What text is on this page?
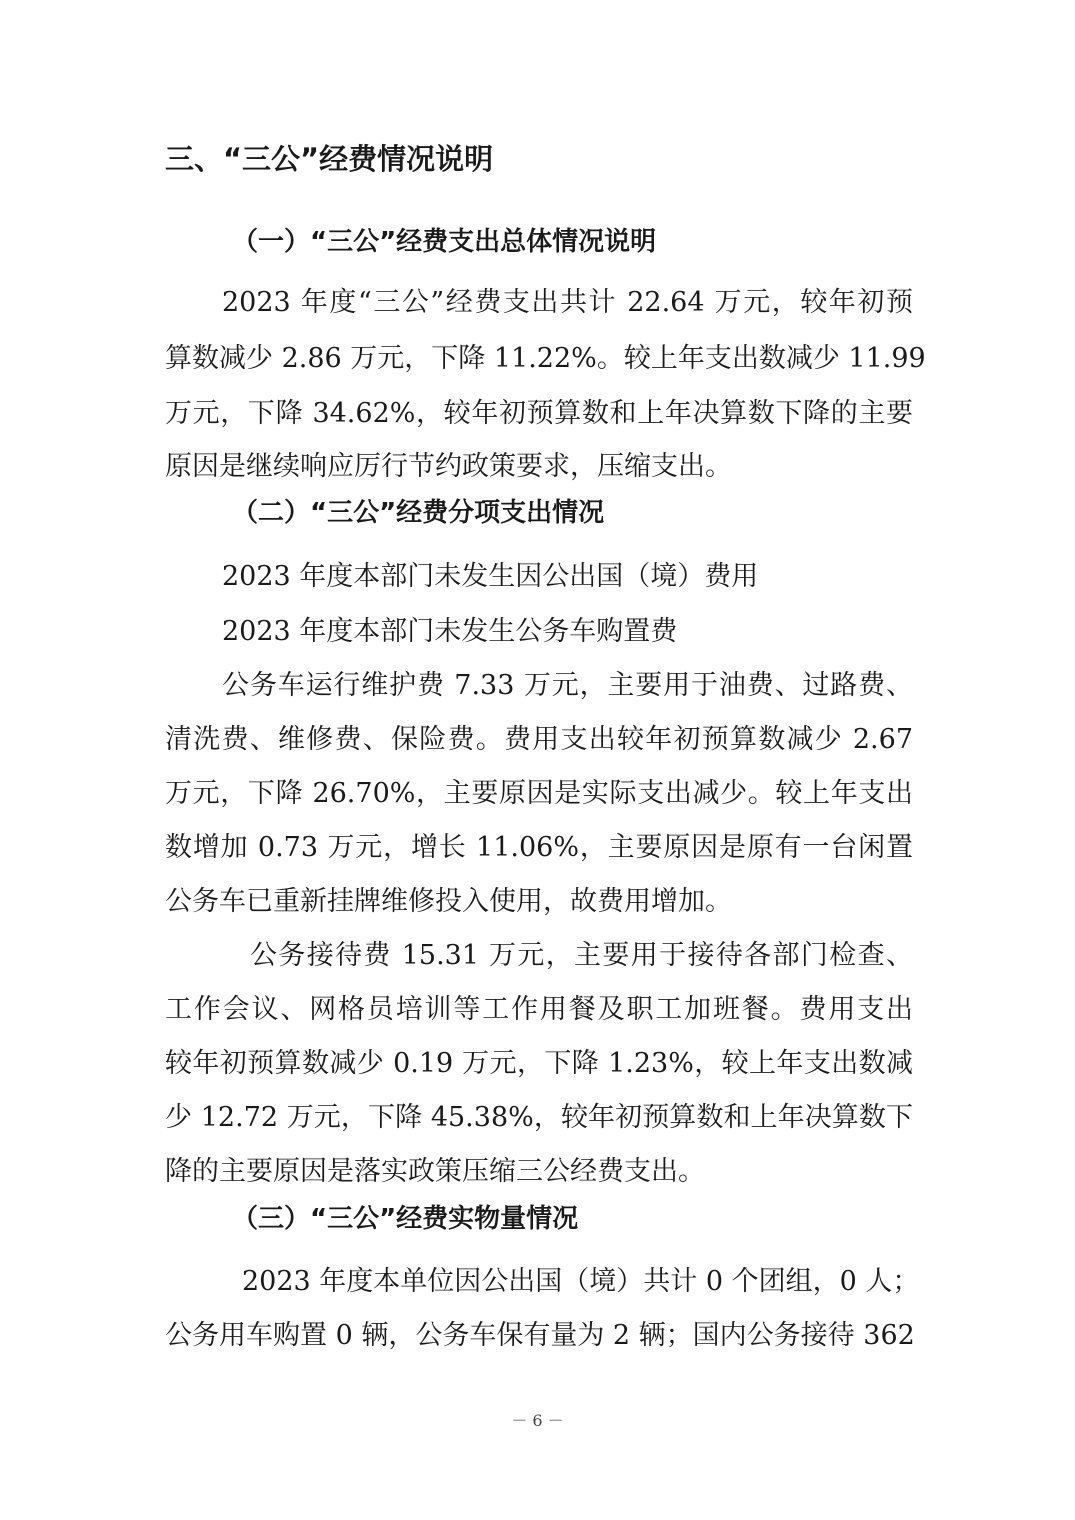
三、“三公”经费情况说明
（一）“三公”经费支出总体情况说明
2023 年度“三公”经费支出共计 22.64 万元，较年初预
算数减少 2.86 万元，下降 11.22%。较上年支出数减少 11.99
万元，下降 34.62%，较年初预算数和上年决算数下降的主要
原因是继续响应厉行节约政策要求，压缩支出。
（二）“三公”经费分项支出情况
2023 年度本部门未发生因公出国（境）费用
2023 年度本部门未发生公务车购置费
公务车运行维护费 7.33 万元，主要用于油费、过路费、
清洗费、维修费、保险费。费用支出较年初预算数减少 2.67
万元，下降 26.70%，主要原因是实际支出减少。较上年支出
数增加 0.73 万元，增长 11.06%，主要原因是原有一台闲置
公务车已重新挂牌维修投入使用，故费用增加。
公务接待费 15.31 万元，主要用于接待各部门检查、
工作会议、网格员培训等工作用餐及职工加班餐。费用支出
较年初预算数减少 0.19 万元，下降 1.23%，较上年支出数减
少 12.72 万元，下降 45.38%，较年初预算数和上年决算数下
降的主要原因是落实政策压缩三公经费支出。
（三）“三公”经费实物量情况
2023 年度本单位因公出国（境）共计 0 个团组，0 人；
公务用车购置 0 辆，公务车保有量为 2 辆；国内公务接待 362
－ 6 －
